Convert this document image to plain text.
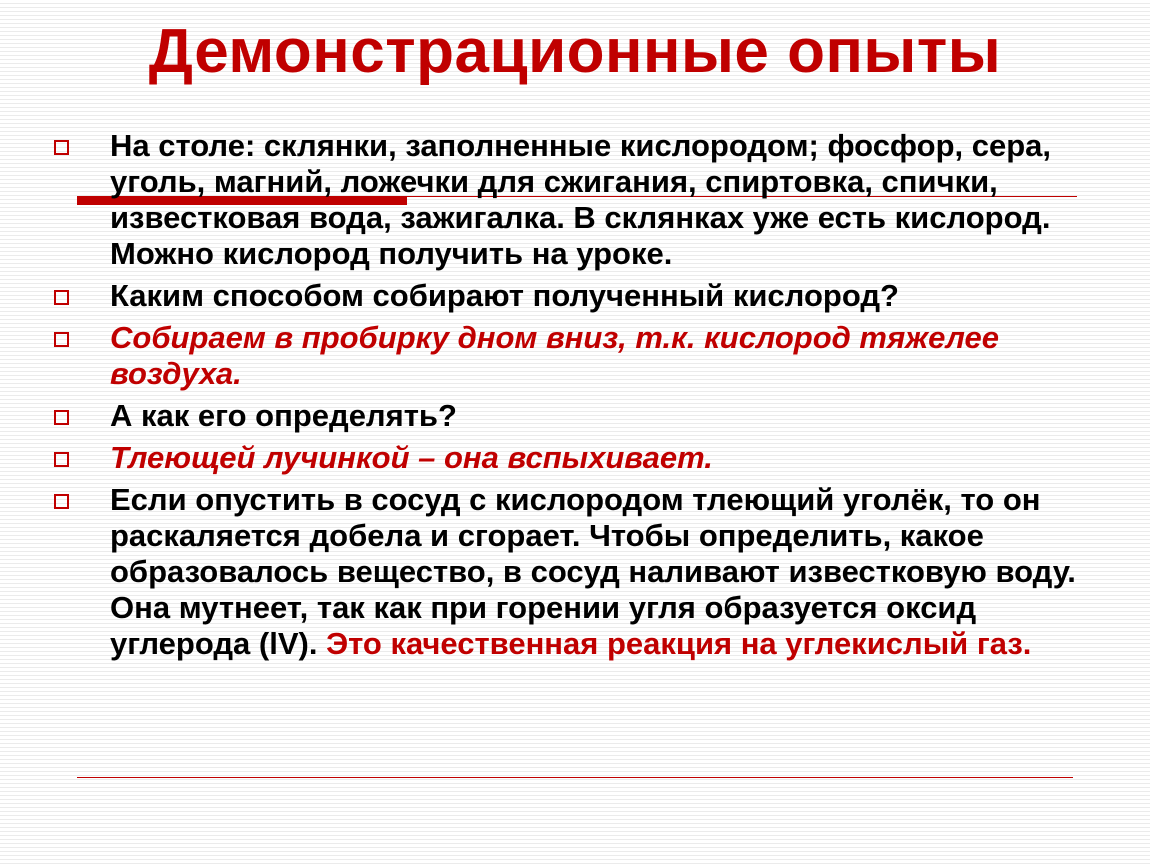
Демонстрационные опыты
На столе: склянки, заполненные кислородом; фосфор, сера, уголь, магний, ложечки для сжигания, спиртовка, спички, известковая вода, зажигалка. В склянках уже есть кислород. Можно кислород получить на уроке.
Каким способом собирают полученный кислород?
Собираем в пробирку дном вниз, т.к. кислород тяжелее воздуха.
А как его определять?
Тлеющей лучинкой – она вспыхивает.
Если опустить в сосуд с кислородом тлеющий уголёк, то он раскаляется добела и сгорает. Чтобы определить, какое образовалось вещество, в сосуд наливают известковую воду. Она мутнеет, так как при горении угля образуется оксид углерода (lV). Это качественная реакция на углекислый газ.
